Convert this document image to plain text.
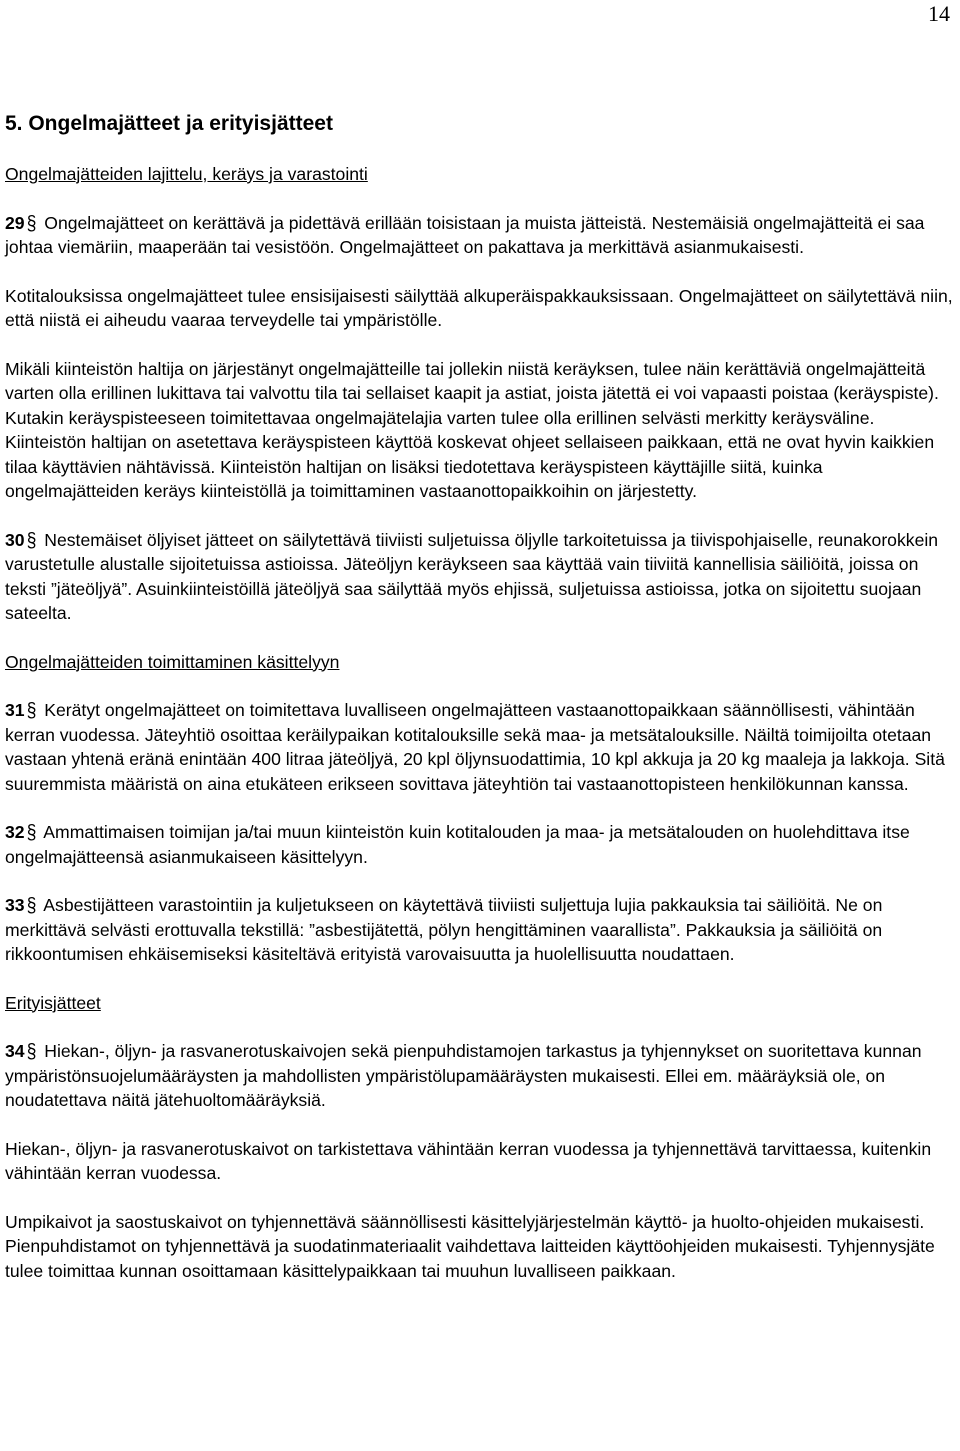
14
5. Ongelmajätteet ja erityisjätteet
Ongelmajätteiden lajittelu, keräys ja varastointi

29 § Ongelmajätteet on kerättävä ja pidettävä erillään toisistaan ja muista jätteistä. Nestemäisiä ongelmajätteitä ei saa johtaa viemäriin, maaperään tai vesistöön. Ongelmajätteet on pakattava ja merkittävä asianmukaisesti.

Kotitalouksissa ongelmajätteet tulee ensisijaisesti säilyttää alkuperäispakkauksissaan. Ongelmajätteet on säilytettävä niin, että niistä ei aiheudu vaaraa terveydelle tai ympäristölle.

Mikäli kiinteistön haltija on järjestänyt ongelmajätteille tai jollekin niistä keräyksen, tulee näin kerättäviä ongelmajätteitä varten olla erillinen lukittava tai valvottu tila tai sellaiset kaapit ja astiat, joista jätettä ei voi vapaasti poistaa (keräyspiste). Kutakin keräyspisteeseen toimitettavaa ongelmajätelajia varten tulee olla erillinen selvästi merkitty keräysväline. Kiinteistön haltijan on asetettava keräyspisteen käyttöä koskevat ohjeet sellaiseen paikkaan, että ne ovat hyvin kaikkien tilaa käyttävien nähtävissä. Kiinteistön haltijan on lisäksi tiedotettava keräyspisteen käyttäjille siitä, kuinka ongelmajätteiden keräys kiinteistöllä ja toimittaminen vastaanottopaikkoihin on järjestetty.

30 § Nestemäiset öljyiset jätteet on säilytettävä tiiviisti suljetuissa öljylle tarkoitetuissa ja tiivispohjaiselle, reunakorokkein varustetulle alustalle sijoitetuissa astioissa. Jäteöljyn keräykseen saa käyttää vain tiiviitä kannellisia säiliöitä, joissa on teksti ”jäteöljyä”. Asuinkiinteistöillä jäteöljyä saa säilyttää myös ehjissä, suljetuissa astioissa, jotka on sijoitettu suojaan sateelta.

Ongelmajätteiden toimittaminen käsittelyyn

31 § Kerätyt ongelmajätteet on toimitettava luvalliseen ongelmajätteen vastaanottopaikkaan säännöllisesti, vähintään kerran vuodessa. Jäteyhtiö osoittaa keräilypaikan kotitalouksille sekä maa- ja metsätalouksille. Näiltä toimijoilta otetaan vastaan yhtenä eränä enintään 400 litraa jäteöljyä, 20 kpl öljynsuodattimia, 10 kpl akkuja ja 20 kg maaleja ja lakkoja. Sitä suuremmista määristä on aina etukäteen erikseen sovittava jäteyhtiön tai vastaanottopisteen henkilökunnan kanssa.

32 § Ammattimaisen toimijan ja/tai muun kiinteistön kuin kotitalouden ja maa- ja metsätalouden on huolehdittava itse ongelmajätteensä asianmukaiseen käsittelyyn.

33 § Asbestijätteen varastointiin ja kuljetukseen on käytettävä tiiviisti suljettuja lujia pakkauksia tai säiliöitä. Ne on merkittävä selvästi erottuvalla tekstillä: ”asbestijätettä, pölyn hengittäminen vaarallista”. Pakkauksia ja säiliöitä on rikkoontumisen ehkäisemiseksi käsiteltävä erityistä varovaisuutta ja huolellisuutta noudattaen.

Erityisjätteet

34 § Hiekan-, öljyn- ja rasvanerotuskaivojen sekä pienpuhdistamojen tarkastus ja tyhjennykset on suoritettava kunnan ympäristönsuojelumääräysten ja mahdollisten ympäristölupamääräysten mukaisesti. Ellei em. määräyksiä ole, on noudatettava näitä jätehuoltomääräyksiä.

Hiekan-, öljyn- ja rasvanerotuskaivot on tarkistettava vähintään kerran vuodessa ja tyhjennettävä tarvittaessa, kuitenkin vähintään kerran vuodessa.

Umpikaivot ja saostuskaivot on tyhjennettävä säännöllisesti käsittelyjärjestelmän käyttö- ja huolto-ohjeiden mukaisesti. Pienpuhdistamot on tyhjennettävä ja suodatinmateriaalit vaihdettava laitteiden käyttöohjeiden mukaisesti. Tyhjennysjäte tulee toimittaa kunnan osoittamaan käsittelypaikkaan tai muuhun luvalliseen paikkaan.
